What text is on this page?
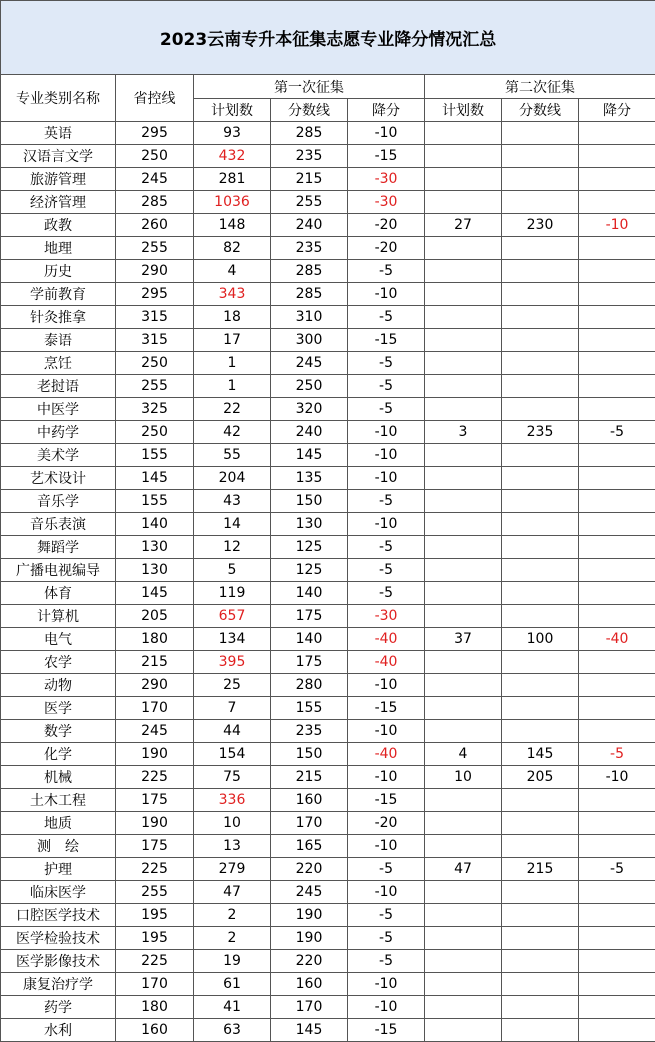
2023云南专升本征集志愿专业降分情况汇总							
专业类别名称	省控线	第一次征集			第二次征集		
		计划数	分数线	降分	计划数	分数线	降分
英语	295	93	285	-10			
汉语言文学	250	432	235	-15			
旅游管理	245	281	215	-30			
经济管理	285	1036	255	-30			
政教	260	148	240	-20	27	230	-10
地理	255	82	235	-20			
历史	290	4	285	-5			
学前教育	295	343	285	-10			
针灸推拿	315	18	310	-5			
泰语	315	17	300	-15			
烹饪	250	1	245	-5			
老挝语	255	1	250	-5			
中医学	325	22	320	-5			
中药学	250	42	240	-10	3	235	-5
美术学	155	55	145	-10			
艺术设计	145	204	135	-10			
音乐学	155	43	150	-5			
音乐表演	140	14	130	-10			
舞蹈学	130	12	125	-5			
广播电视编导	130	5	125	-5			
体育	145	119	140	-5			
计算机	205	657	175	-30			
电气	180	134	140	-40	37	100	-40
农学	215	395	175	-40			
动物	290	25	280	-10			
医学	170	7	155	-15			
数学	245	44	235	-10			
化学	190	154	150	-40	4	145	-5
机械	225	75	215	-10	10	205	-10
土木工程	175	336	160	-15			
地质	190	10	170	-20			
测　绘	175	13	165	-10			
护理	225	279	220	-5	47	215	-5
临床医学	255	47	245	-10			
口腔医学技术	195	2	190	-5			
医学检验技术	195	2	190	-5			
医学影像技术	225	19	220	-5			
康复治疗学	170	61	160	-10			
药学	180	41	170	-10			
水利	160	63	145	-15			
